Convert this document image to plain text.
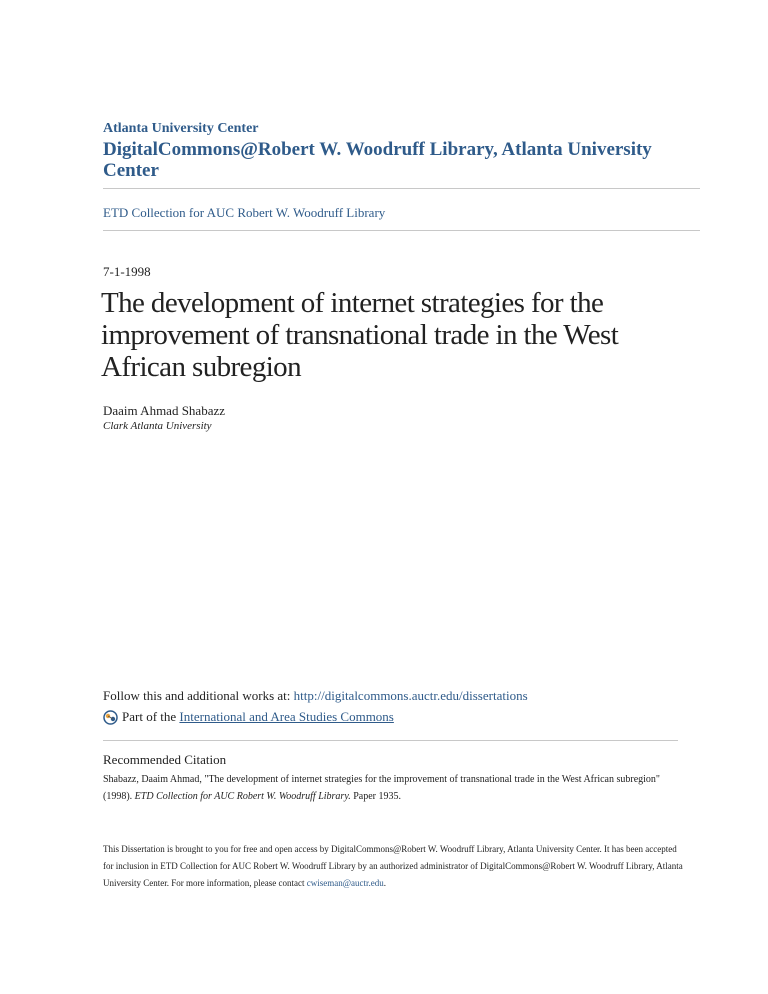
Atlanta University Center
DigitalCommons@Robert W. Woodruff Library, Atlanta University Center
ETD Collection for AUC Robert W. Woodruff Library
7-1-1998
The development of internet strategies for the improvement of transnational trade in the West African subregion
Daaim Ahmad Shabazz
Clark Atlanta University
Follow this and additional works at: http://digitalcommons.auctr.edu/dissertations
Part of the
International and Area Studies Commons
Recommended Citation
Shabazz, Daaim Ahmad, "The development of internet strategies for the improvement of transnational trade in the West African subregion" (1998). ETD Collection for AUC Robert W. Woodruff Library. Paper 1935.
This Dissertation is brought to you for free and open access by DigitalCommons@Robert W. Woodruff Library, Atlanta University Center. It has been accepted for inclusion in ETD Collection for AUC Robert W. Woodruff Library by an authorized administrator of DigitalCommons@Robert W. Woodruff Library, Atlanta University Center. For more information, please contact cwiseman@auctr.edu.
